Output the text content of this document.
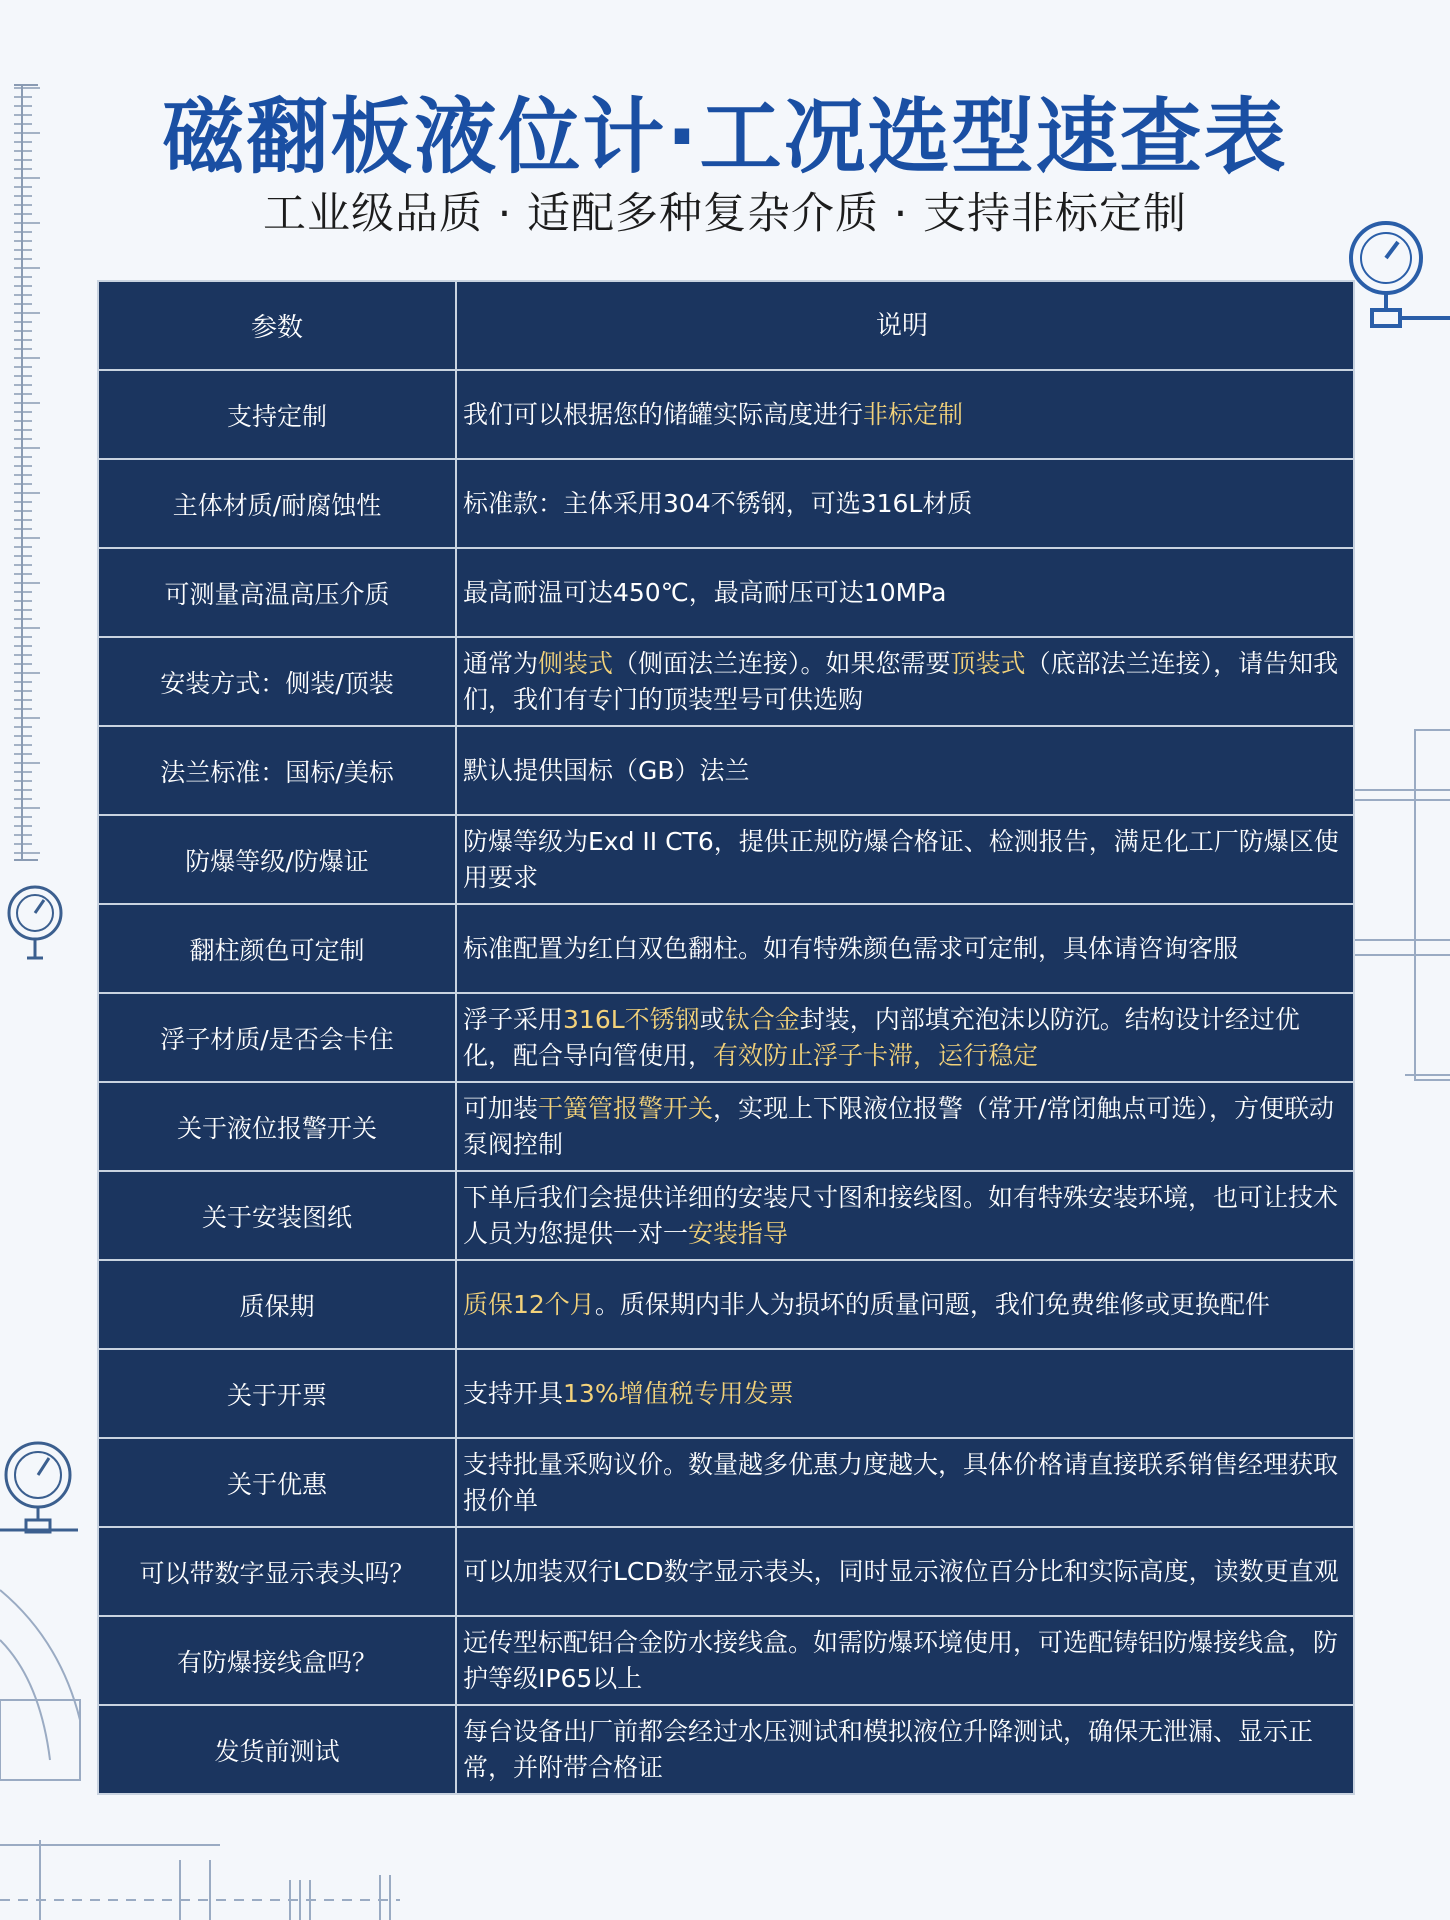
磁翻板液位计·工况选型速查表

工业级品质 · 适配多种复杂介质 · 支持非标定制

参数	说明
支持定制	我们可以根据您的储罐实际高度进行非标定制
主体材质/耐腐蚀性	标准款：主体采用304不锈钢，可选316L材质
可测量高温高压介质	最高耐温可达450℃，最高耐压可达10MPa
安装方式：侧装/顶装	通常为侧装式（侧面法兰连接）。如果您需要顶装式（底部法兰连接），请告知我们，我们有专门的顶装型号可供选购
法兰标准：国标/美标	默认提供国标（GB）法兰
防爆等级/防爆证	防爆等级为Exd II CT6，提供正规防爆合格证、检测报告，满足化工厂防爆区使用要求
翻柱颜色可定制	标准配置为红白双色翻柱。如有特殊颜色需求可定制，具体请咨询客服
浮子材质/是否会卡住	浮子采用316L不锈钢或钛合金封装，内部填充泡沫以防沉。结构设计经过优化，配合导向管使用，有效防止浮子卡滞，运行稳定
关于液位报警开关	可加装干簧管报警开关，实现上下限液位报警（常开/常闭触点可选），方便联动泵阀控制
关于安装图纸	下单后我们会提供详细的安装尺寸图和接线图。如有特殊安装环境，也可让技术人员为您提供一对一安装指导
质保期	质保12个月。质保期内非人为损坏的质量问题，我们免费维修或更换配件
关于开票	支持开具13%增值税专用发票
关于优惠	支持批量采购议价。数量越多优惠力度越大，具体价格请直接联系销售经理获取报价单
可以带数字显示表头吗？	可以加装双行LCD数字显示表头，同时显示液位百分比和实际高度，读数更直观
有防爆接线盒吗？	远传型标配铝合金防水接线盒。如需防爆环境使用，可选配铸铝防爆接线盒，防护等级IP65以上
发货前测试	每台设备出厂前都会经过水压测试和模拟液位升降测试，确保无泄漏、显示正常，并附带合格证
